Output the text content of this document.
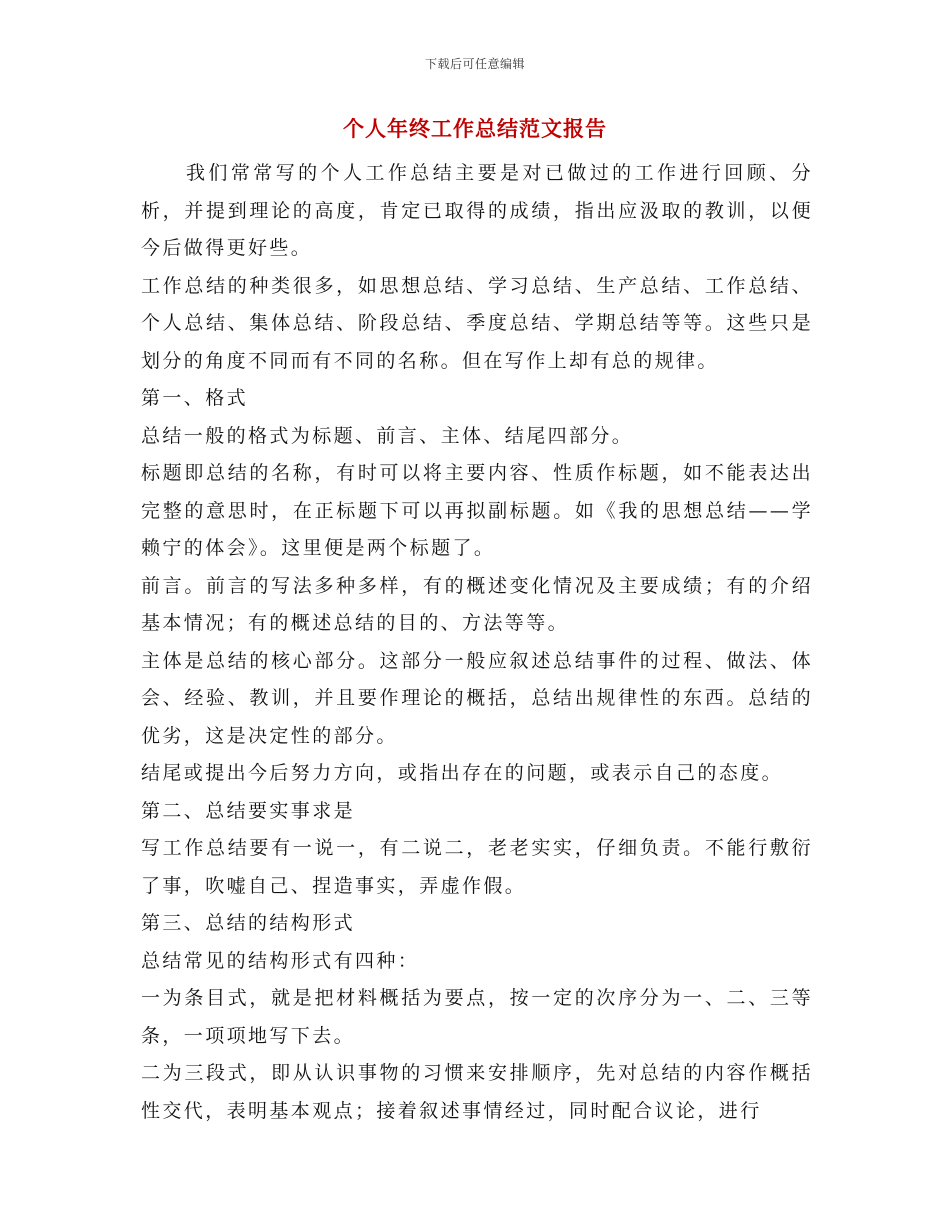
下载后可任意编辑
个人年终工作总结范文报告

我们常常写的个人工作总结主要是对已做过的工作进行回顾、分析，并提到理论的高度，肯定已取得的成绩，指出应汲取的教训，以便今后做得更好些。

工作总结的种类很多，如思想总结、学习总结、生产总结、工作总结、个人总结、集体总结、阶段总结、季度总结、学期总结等等。这些只是划分的角度不同而有不同的名称。但在写作上却有总的规律。

第一、格式

总结一般的格式为标题、前言、主体、结尾四部分。

标题即总结的名称，有时可以将主要内容、性质作标题，如不能表达出完整的意思时，在正标题下可以再拟副标题。如《我的思想总结——学赖宁的体会》。这里便是两个标题了。

前言。前言的写法多种多样，有的概述变化情况及主要成绩；有的介绍基本情况；有的概述总结的目的、方法等等。

主体是总结的核心部分。这部分一般应叙述总结事件的过程、做法、体会、经验、教训，并且要作理论的概括，总结出规律性的东西。总结的优劣，这是决定性的部分。

结尾或提出今后努力方向，或指出存在的问题，或表示自己的态度。

第二、总结要实事求是

写工作总结要有一说一，有二说二，老老实实，仔细负责。不能行敷衍了事，吹嘘自己、捏造事实，弄虚作假。

第三、总结的结构形式

总结常见的结构形式有四种：

一为条目式，就是把材料概括为要点，按一定的次序分为一、二、三等条，一项项地写下去。

二为三段式，即从认识事物的习惯来安排顺序，先对总结的内容作概括性交代，表明基本观点；接着叙述事情经过，同时配合议论，进行
